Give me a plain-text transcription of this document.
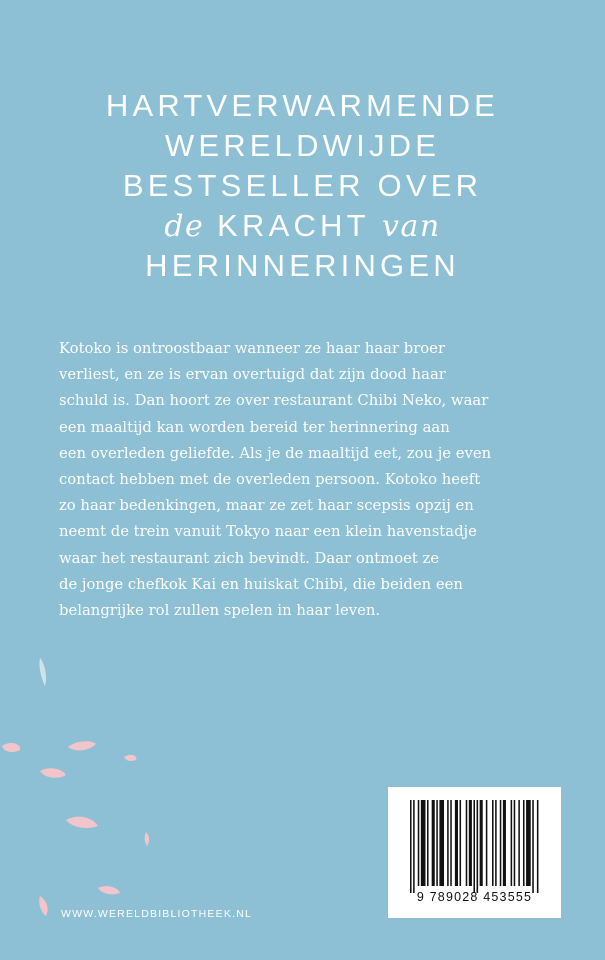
HARTVERWARMENDE
WERELDWIJDE
BESTSELLER OVER
de KRACHT van
HERINNERINGEN
Kotoko is ontroostbaar wanneer ze haar haar broer
verliest, en ze is ervan overtuigd dat zijn dood haar
schuld is. Dan hoort ze over restaurant Chibi Neko, waar
een maaltijd kan worden bereid ter herinnering aan
een overleden geliefde. Als je de maaltijd eet, zou je even
contact hebben met de overleden persoon. Kotoko heeft
zo haar bedenkingen, maar ze zet haar scepsis opzij en
neemt de trein vanuit Tokyo naar een klein havenstadje
waar het restaurant zich bevindt. Daar ontmoet ze
de jonge chefkok Kai en huiskat Chibi, die beiden een
belangrijke rol zullen spelen in haar leven.
WWW.WERELDBIBLIOTHEEK.NL
9 789028 453555
